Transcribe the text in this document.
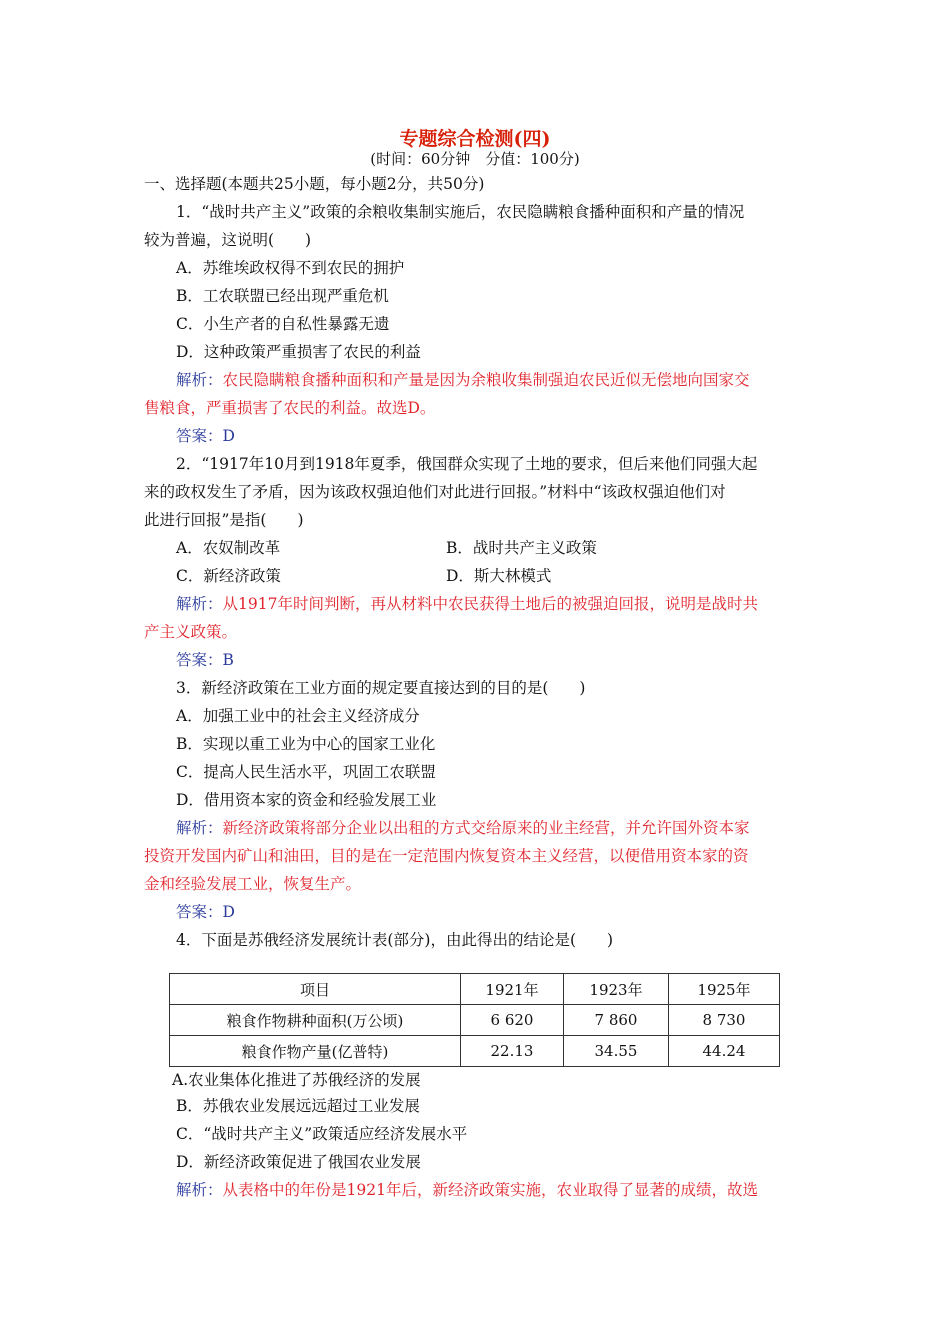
专题综合检测(四)
(时间：60分钟　分值：100分)
一、选择题(本题共25小题，每小题2分，共50分)
1．“战时共产主义”政策的余粮收集制实施后，农民隐瞒粮食播种面积和产量的情况
较为普遍，这说明(　　)
A．苏维埃政权得不到农民的拥护
B．工农联盟已经出现严重危机
C．小生产者的自私性暴露无遗
D．这种政策严重损害了农民的利益
解析：农民隐瞒粮食播种面积和产量是因为余粮收集制强迫农民近似无偿地向国家交
售粮食，严重损害了农民的利益。故选D。
答案：D
2．“1917年10月到1918年夏季，俄国群众实现了土地的要求，但后来他们同强大起
来的政权发生了矛盾，因为该政权强迫他们对此进行回报。”材料中“该政权强迫他们对
此进行回报”是指(　　)
A．农奴制改革	B．战时共产主义政策
C．新经济政策	D．斯大林模式
解析：从1917年时间判断，再从材料中农民获得土地后的被强迫回报，说明是战时共
产主义政策。
答案：B
3．新经济政策在工业方面的规定要直接达到的目的是(　　)
A．加强工业中的社会主义经济成分
B．实现以重工业为中心的国家工业化
C．提高人民生活水平，巩固工农联盟
D．借用资本家的资金和经验发展工业
解析：新经济政策将部分企业以出租的方式交给原来的业主经营，并允许国外资本家
投资开发国内矿山和油田，目的是在一定范围内恢复资本主义经营，以便借用资本家的资
金和经验发展工业，恢复生产。
答案：D
4．下面是苏俄经济发展统计表(部分)，由此得出的结论是(　　)
项目	1921年	1923年	1925年
粮食作物耕种面积(万公顷)	6 620	7 860	8 730
粮食作物产量(亿普特)	22.13	34.55	44.24
A.农业集体化推进了苏俄经济的发展
B．苏俄农业发展远远超过工业发展
C．“战时共产主义”政策适应经济发展水平
D．新经济政策促进了俄国农业发展
解析：从表格中的年份是1921年后，新经济政策实施，农业取得了显著的成绩，故选
